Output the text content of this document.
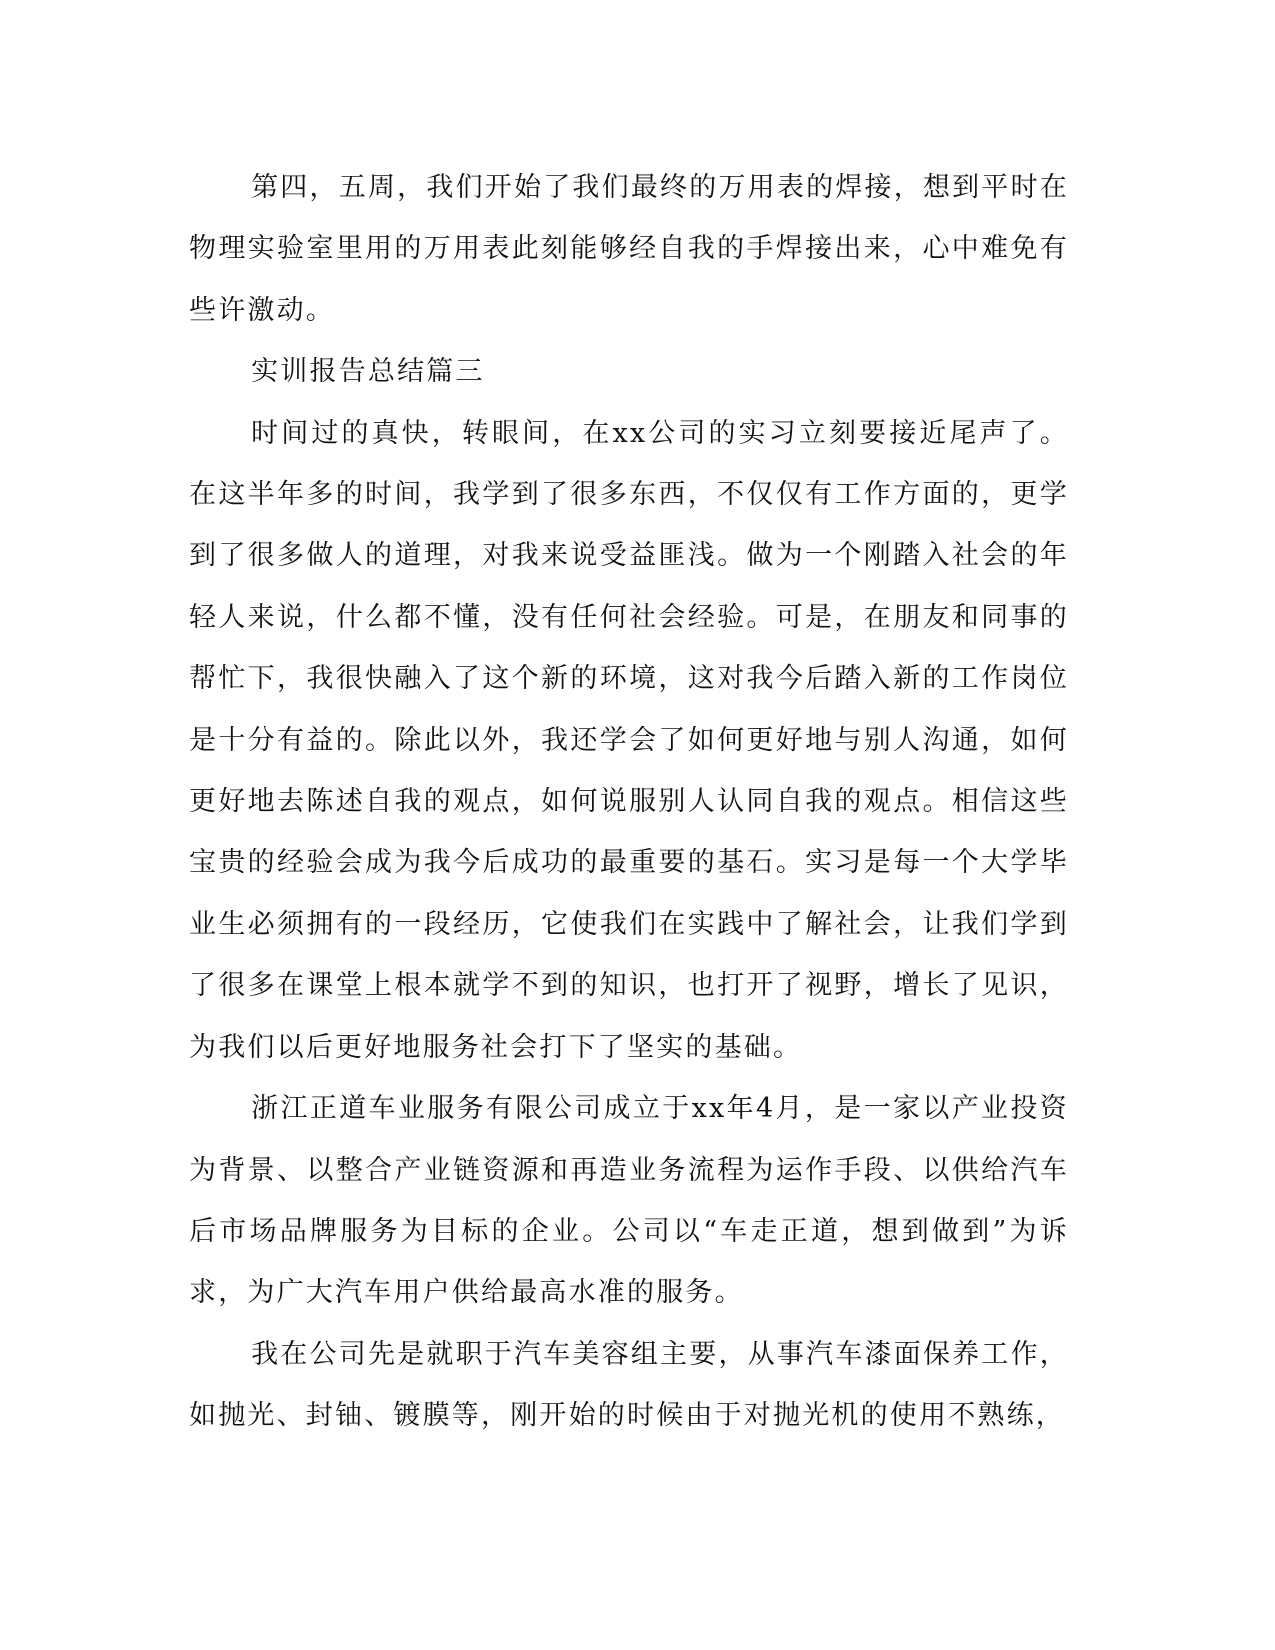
第四，五周，我们开始了我们最终的万用表的焊接，想到平时在物理实验室里用的万用表此刻能够经自我的手焊接出来，心中难免有些许激动。

实训报告总结篇三

时间过的真快，转眼间，在xx公司的实习立刻要接近尾声了。在这半年多的时间，我学到了很多东西，不仅仅有工作方面的，更学到了很多做人的道理，对我来说受益匪浅。做为一个刚踏入社会的年轻人来说，什么都不懂，没有任何社会经验。可是，在朋友和同事的帮忙下，我很快融入了这个新的环境，这对我今后踏入新的工作岗位是十分有益的。除此以外，我还学会了如何更好地与别人沟通，如何更好地去陈述自我的观点，如何说服别人认同自我的观点。相信这些宝贵的经验会成为我今后成功的最重要的基石。实习是每一个大学毕业生必须拥有的一段经历，它使我们在实践中了解社会，让我们学到了很多在课堂上根本就学不到的知识，也打开了视野，增长了见识，为我们以后更好地服务社会打下了坚实的基础。

浙江正道车业服务有限公司成立于xx年4月，是一家以产业投资为背景、以整合产业链资源和再造业务流程为运作手段、以供给汽车后市场品牌服务为目标的企业。公司以“车走正道，想到做到”为诉求，为广大汽车用户供给最高水准的服务。

我在公司先是就职于汽车美容组主要，从事汽车漆面保养工作，如抛光、封铀、镀膜等，刚开始的时候由于对抛光机的使用不熟练，
